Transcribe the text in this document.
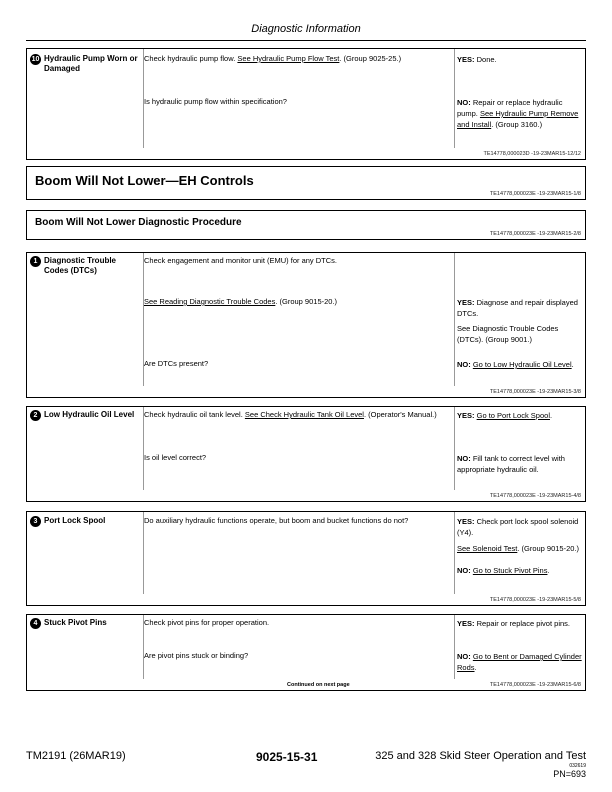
Diagnostic Information
10 Hydraulic Pump Worn or Damaged
Check hydraulic pump flow. See Hydraulic Pump Flow Test. (Group 9025-25.)	YES: Done.
Is hydraulic pump flow within specification?	NO: Repair or replace hydraulic pump. See Hydraulic Pump Remove and Install. (Group 3160.)
TE14778,000023D -19-23MAR15-12/12
Boom Will Not Lower—EH Controls
TE14778,000023E -19-23MAR15-1/8
Boom Will Not Lower Diagnostic Procedure
TE14778,000023E -19-23MAR15-2/8
1 Diagnostic Trouble Codes (DTCs)
Check engagement and monitor unit (EMU) for any DTCs.
See Reading Diagnostic Trouble Codes. (Group 9015-20.)	YES: Diagnose and repair displayed DTCs.
See Diagnostic Trouble Codes (DTCs). (Group 9001.)
Are DTCs present?	NO: Go to Low Hydraulic Oil Level.
TE14778,000023E -19-23MAR15-3/8
2 Low Hydraulic Oil Level	Check hydraulic oil tank level. See Check Hydraulic Tank Oil Level. (Operator's Manual.)	YES: Go to Port Lock Spool.
Is oil level correct?	NO: Fill tank to correct level with appropriate hydraulic oil.
TE14778,000023E -19-23MAR15-4/8
3 Port Lock Spool	Do auxiliary hydraulic functions operate, but boom and bucket functions do not?	YES: Check port lock spool solenoid (Y4).
See Solenoid Test. (Group 9015-20.)
NO: Go to Stuck Pivot Pins.
TE14778,000023E -19-23MAR15-5/8
4 Stuck Pivot Pins	Check pivot pins for proper operation.	YES: Repair or replace pivot pins.
Are pivot pins stuck or binding?	NO: Go to Bent or Damaged Cylinder Rods.
Continued on next page	TE14778,000023E -19-23MAR15-6/8
TM2191 (26MAR19)	9025-15-31	325 and 328 Skid Steer Operation and Test
032619
PN=693
